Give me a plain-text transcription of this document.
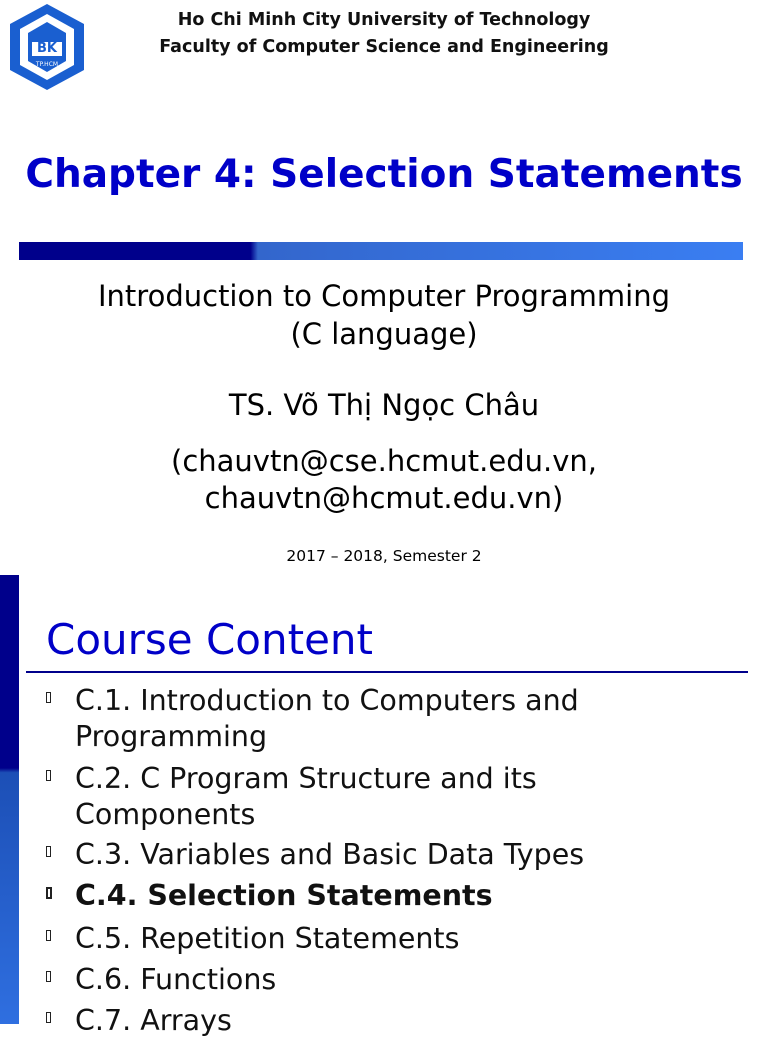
BK
TP.HCM
Ho Chi Minh City University of Technology
Faculty of Computer Science and Engineering
Chapter 4: Selection Statements
Introduction to Computer Programming
(C language)
TS. Võ Thị Ngọc Châu
(chauvtn@cse.hcmut.edu.vn,
chauvtn@hcmut.edu.vn)
2017 – 2018, Semester 2
Course Content
C.1. Introduction to Computers and
Programming
C.2. C Program Structure and its
Components
C.3. Variables and Basic Data Types
C.4. Selection Statements
C.5. Repetition Statements
C.6. Functions
C.7. Arrays
